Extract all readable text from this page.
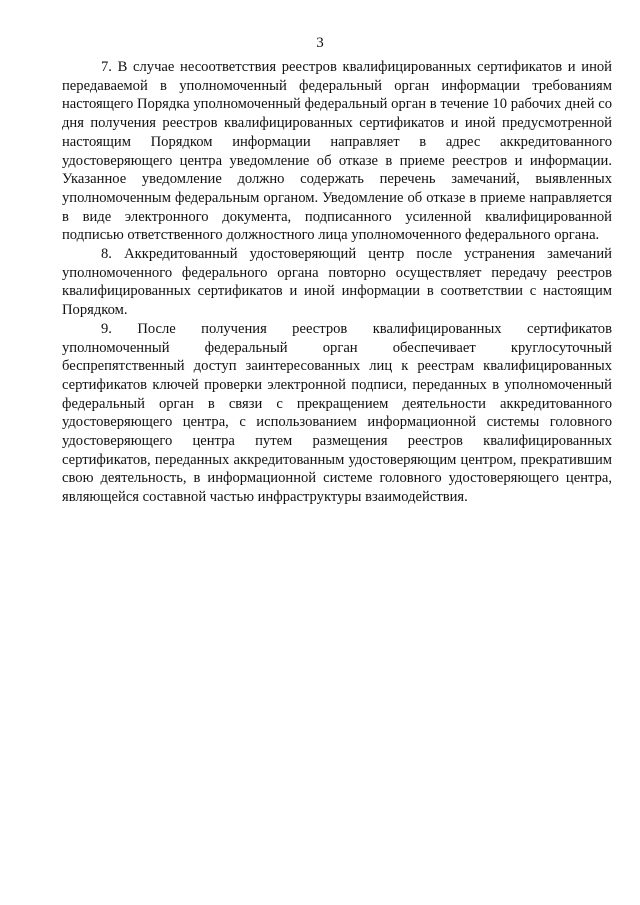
3

7. В случае несоответствия реестров квалифицированных сертификатов и иной передаваемой в уполномоченный федеральный орган информации требованиям настоящего Порядка уполномоченный федеральный орган в течение 10 рабочих дней со дня получения реестров квалифицированных сертификатов и иной предусмотренной настоящим Порядком информации направляет в адрес аккредитованного удостоверяющего центра уведомление об отказе в приеме реестров и информации. Указанное уведомление должно содержать перечень замечаний, выявленных уполномоченным федеральным органом. Уведомление об отказе в приеме направляется в виде электронного документа, подписанного усиленной квалифицированной подписью ответственного должностного лица уполномоченного федерального органа.

8. Аккредитованный удостоверяющий центр после устранения замечаний уполномоченного федерального органа повторно осуществляет передачу реестров квалифицированных сертификатов и иной информации в соответствии с настоящим Порядком.

9. После получения реестров квалифицированных сертификатов уполномоченный федеральный орган обеспечивает круглосуточный беспрепятственный доступ заинтересованных лиц к реестрам квалифицированных сертификатов ключей проверки электронной подписи, переданных в уполномоченный федеральный орган в связи с прекращением деятельности аккредитованного удостоверяющего центра, с использованием информационной системы головного удостоверяющего центра путем размещения реестров квалифицированных сертификатов, переданных аккредитованным удостоверяющим центром, прекратившим свою деятельность, в информационной системе головного удостоверяющего центра, являющейся составной частью инфраструктуры взаимодействия.
